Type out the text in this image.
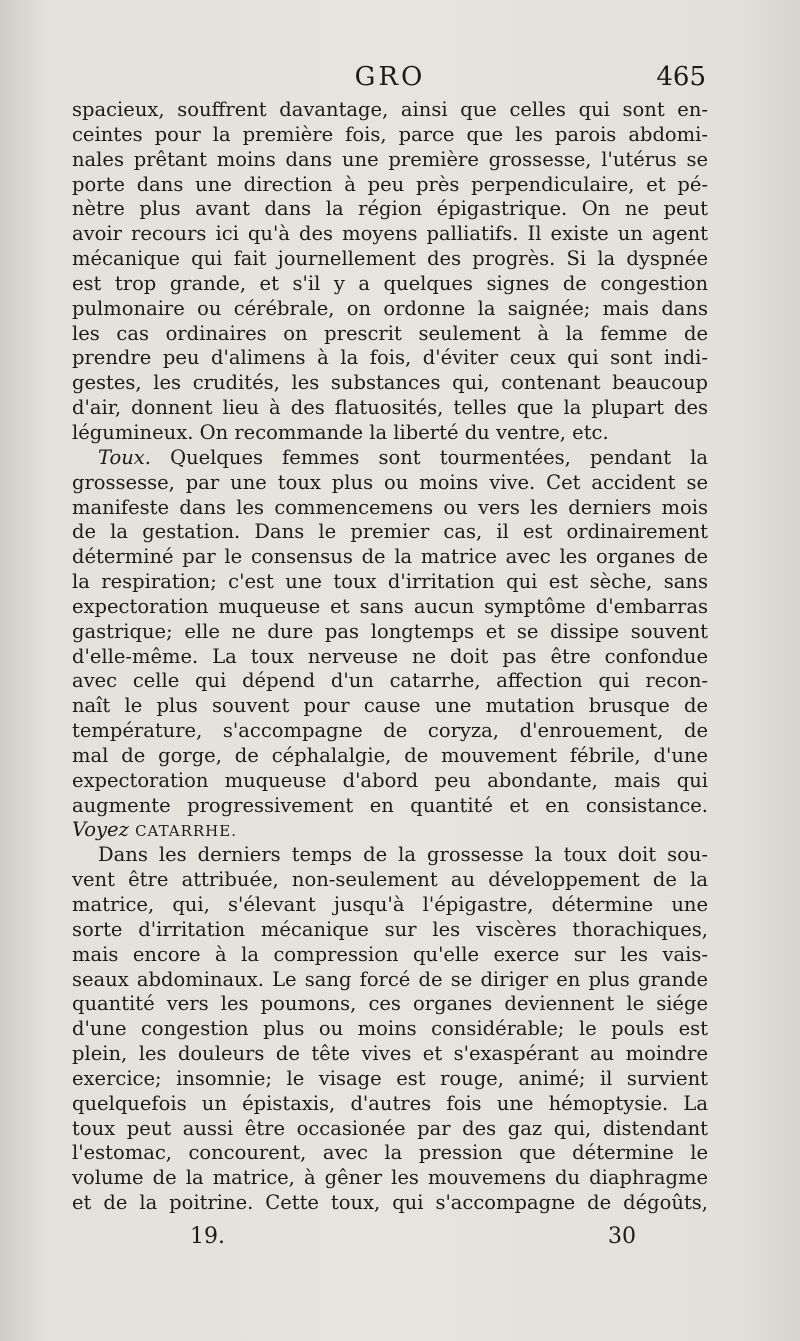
GRO	465
spacieux, souffrent davantage, ainsi que celles qui sont en-
ceintes pour la première fois, parce que les parois abdomi-
nales prêtant moins dans une première grossesse, l'utérus se
porte dans une direction à peu près perpendiculaire, et pé-
nètre plus avant dans la région épigastrique. On ne peut
avoir recours ici qu'à des moyens palliatifs. Il existe un agent
mécanique qui fait journellement des progrès. Si la dyspnée
est trop grande, et s'il y a quelques signes de congestion
pulmonaire ou cérébrale, on ordonne la saignée; mais dans
les cas ordinaires on prescrit seulement à la femme de
prendre peu d'alimens à la fois, d'éviter ceux qui sont indi-
gestes, les crudités, les substances qui, contenant beaucoup
d'air, donnent lieu à des flatuosités, telles que la plupart des
légumineux. On recommande la liberté du ventre, etc.
Toux. Quelques femmes sont tourmentées, pendant la
grossesse, par une toux plus ou moins vive. Cet accident se
manifeste dans les commencemens ou vers les derniers mois
de la gestation. Dans le premier cas, il est ordinairement
déterminé par le consensus de la matrice avec les organes de
la respiration; c'est une toux d'irritation qui est sèche, sans
expectoration muqueuse et sans aucun symptôme d'embarras
gastrique; elle ne dure pas longtemps et se dissipe souvent
d'elle-même. La toux nerveuse ne doit pas être confondue
avec celle qui dépend d'un catarrhe, affection qui recon-
naît le plus souvent pour cause une mutation brusque de
température, s'accompagne de coryza, d'enrouement, de
mal de gorge, de céphalalgie, de mouvement fébrile, d'une
expectoration muqueuse d'abord peu abondante, mais qui
augmente progressivement en quantité et en consistance.
Voyez CATARRHE.
Dans les derniers temps de la grossesse la toux doit sou-
vent être attribuée, non-seulement au développement de la
matrice, qui, s'élevant jusqu'à l'épigastre, détermine une
sorte d'irritation mécanique sur les viscères thorachiques,
mais encore à la compression qu'elle exerce sur les vais-
seaux abdominaux. Le sang forcé de se diriger en plus grande
quantité vers les poumons, ces organes deviennent le siége
d'une congestion plus ou moins considérable; le pouls est
plein, les douleurs de tête vives et s'exaspérant au moindre
exercice; insomnie; le visage est rouge, animé; il survient
quelquefois un épistaxis, d'autres fois une hémoptysie. La
toux peut aussi être occasionée par des gaz qui, distendant
l'estomac, concourent, avec la pression que détermine le
volume de la matrice, à gêner les mouvemens du diaphragme
et de la poitrine. Cette toux, qui s'accompagne de dégoûts,
19.	30
